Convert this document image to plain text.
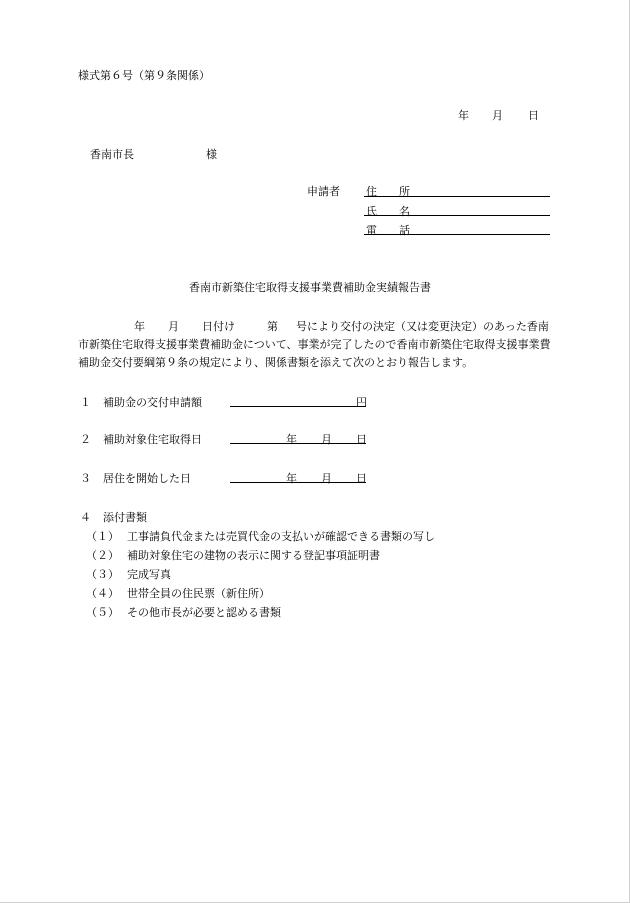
様式第６号（第９条関係）
年 月 日
香南市長	様
申請者 住　　所
氏　　名
電　　話
香南市新築住宅取得支援事業費補助金実績報告書
年 月 日付け	第 号により交付の決定（又は変更決定）のあった香南市新築住宅取得支援事業費補助金について、事業が完了したので香南市新築住宅取得支援事業費補助金交付要綱第９条の規定により、関係書類を添えて次のとおり報告します。
１ 補助金の交付申請額	円
２ 補助対象住宅取得日	年 月 日
３ 居住を開始した日	年 月 日
４ 添付書類
（１） 工事請負代金または売買代金の支払いが確認できる書類の写し
（２） 補助対象住宅の建物の表示に関する登記事項証明書
（３） 完成写真
（４） 世帯全員の住民票（新住所）
（５） その他市長が必要と認める書類
